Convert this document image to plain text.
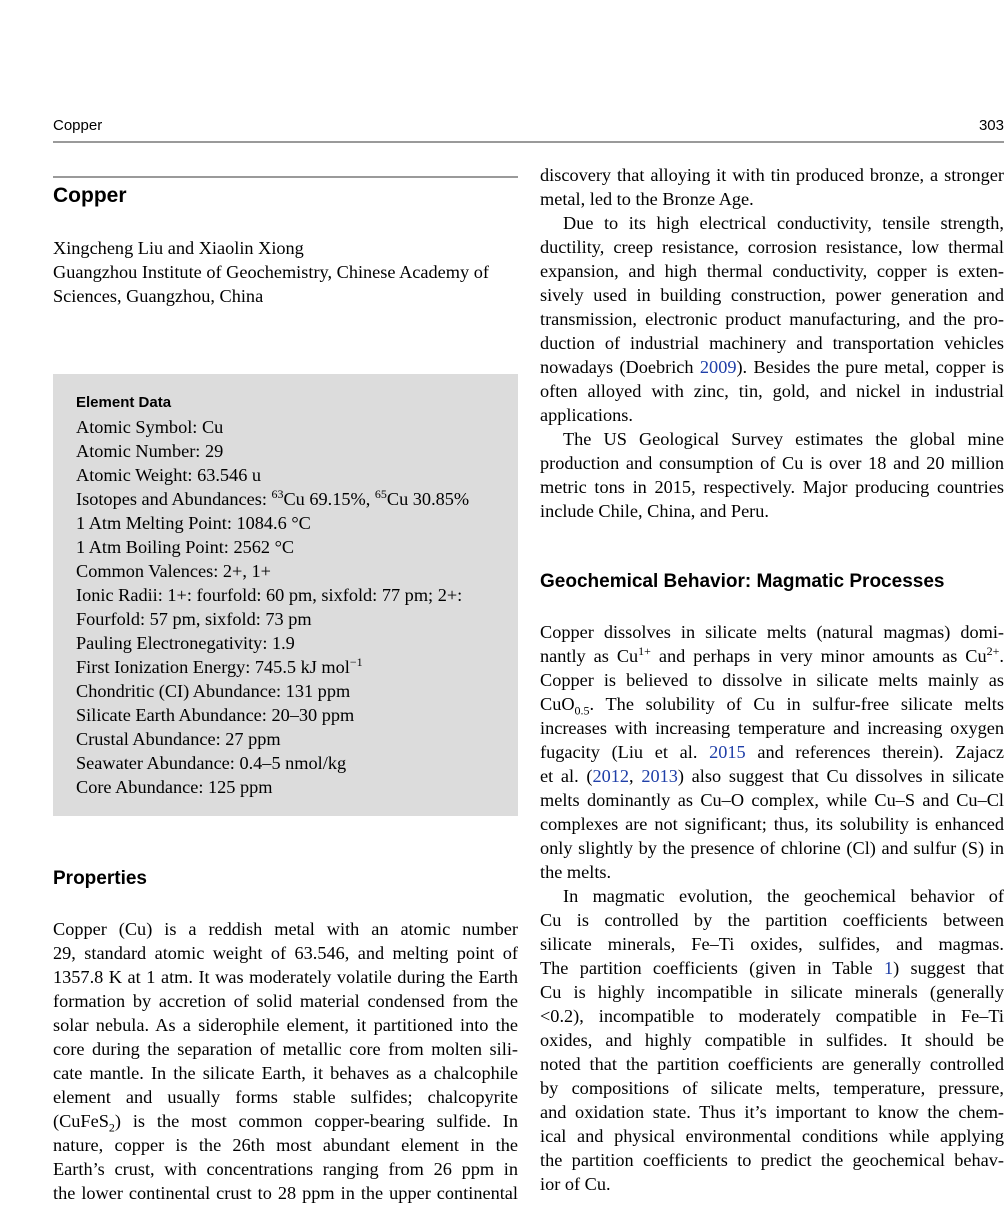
Copper	303
Copper
Xingcheng Liu and Xiaolin Xiong
Guangzhou Institute of Geochemistry, Chinese Academy of
Sciences, Guangzhou, China
Element Data
Atomic Symbol: Cu
Atomic Number: 29
Atomic Weight: 63.546 u
Isotopes and Abundances: $^{63}$Cu 69.15%, $^{65}$Cu 30.85%
1 Atm Melting Point: 1084.6 °C
1 Atm Boiling Point: 2562 °C
Common Valences: 2+, 1+
Ionic Radii: 1+: fourfold: 60 pm, sixfold: 77 pm; 2+:
Fourfold: 57 pm, sixfold: 73 pm
Pauling Electronegativity: 1.9
First Ionization Energy: 745.5 kJ mol$^{-1}$
Chondritic (CI) Abundance: 131 ppm
Silicate Earth Abundance: 20–30 ppm
Crustal Abundance: 27 ppm
Seawater Abundance: 0.4–5 nmol/kg
Core Abundance: 125 ppm
Properties
Copper (Cu) is a reddish metal with an atomic number
29, standard atomic weight of 63.546, and melting point of
1357.8 K at 1 atm. It was moderately volatile during the Earth
formation by accretion of solid material condensed from the
solar nebula. As a siderophile element, it partitioned into the
core during the separation of metallic core from molten sili-
cate mantle. In the silicate Earth, it behaves as a chalcophile
element and usually forms stable sulfides; chalcopyrite
(CuFeS$_2$) is the most common copper-bearing sulfide. In
nature, copper is the 26th most abundant element in the
Earth’s crust, with concentrations ranging from 26 ppm in
the lower continental crust to 28 ppm in the upper continental
discovery that alloying it with tin produced bronze, a stronger
metal, led to the Bronze Age.
Due to its high electrical conductivity, tensile strength,
ductility, creep resistance, corrosion resistance, low thermal
expansion, and high thermal conductivity, copper is exten-
sively used in building construction, power generation and
transmission, electronic product manufacturing, and the pro-
duction of industrial machinery and transportation vehicles
nowadays (Doebrich 2009). Besides the pure metal, copper is
often alloyed with zinc, tin, gold, and nickel in industrial
applications.
The US Geological Survey estimates the global mine
production and consumption of Cu is over 18 and 20 million
metric tons in 2015, respectively. Major producing countries
include Chile, China, and Peru.
Geochemical Behavior: Magmatic Processes
Copper dissolves in silicate melts (natural magmas) domi-
nantly as $Cu^{1+}$ and perhaps in very minor amounts as $Cu^{2+}$.
Copper is believed to dissolve in silicate melts mainly as
CuO$_{0.5}$. The solubility of Cu in sulfur-free silicate melts
increases with increasing temperature and increasing oxygen
fugacity (Liu et al. 2015 and references therein). Zajacz
et al. (2012, 2013) also suggest that Cu dissolves in silicate
melts dominantly as Cu–O complex, while Cu–S and Cu–Cl
complexes are not significant; thus, its solubility is enhanced
only slightly by the presence of chlorine (Cl) and sulfur (S) in
the melts.
In magmatic evolution, the geochemical behavior of
Cu is controlled by the partition coefficients between
silicate minerals, Fe–Ti oxides, sulfides, and magmas.
The partition coefficients (given in Table 1) suggest that
Cu is highly incompatible in silicate minerals (generally
<0.2), incompatible to moderately compatible in Fe–Ti
oxides, and highly compatible in sulfides. It should be
noted that the partition coefficients are generally controlled
by compositions of silicate melts, temperature, pressure,
and oxidation state. Thus it’s important to know the chem-
ical and physical environmental conditions while applying
the partition coefficients to predict the geochemical behav-
ior of Cu.
